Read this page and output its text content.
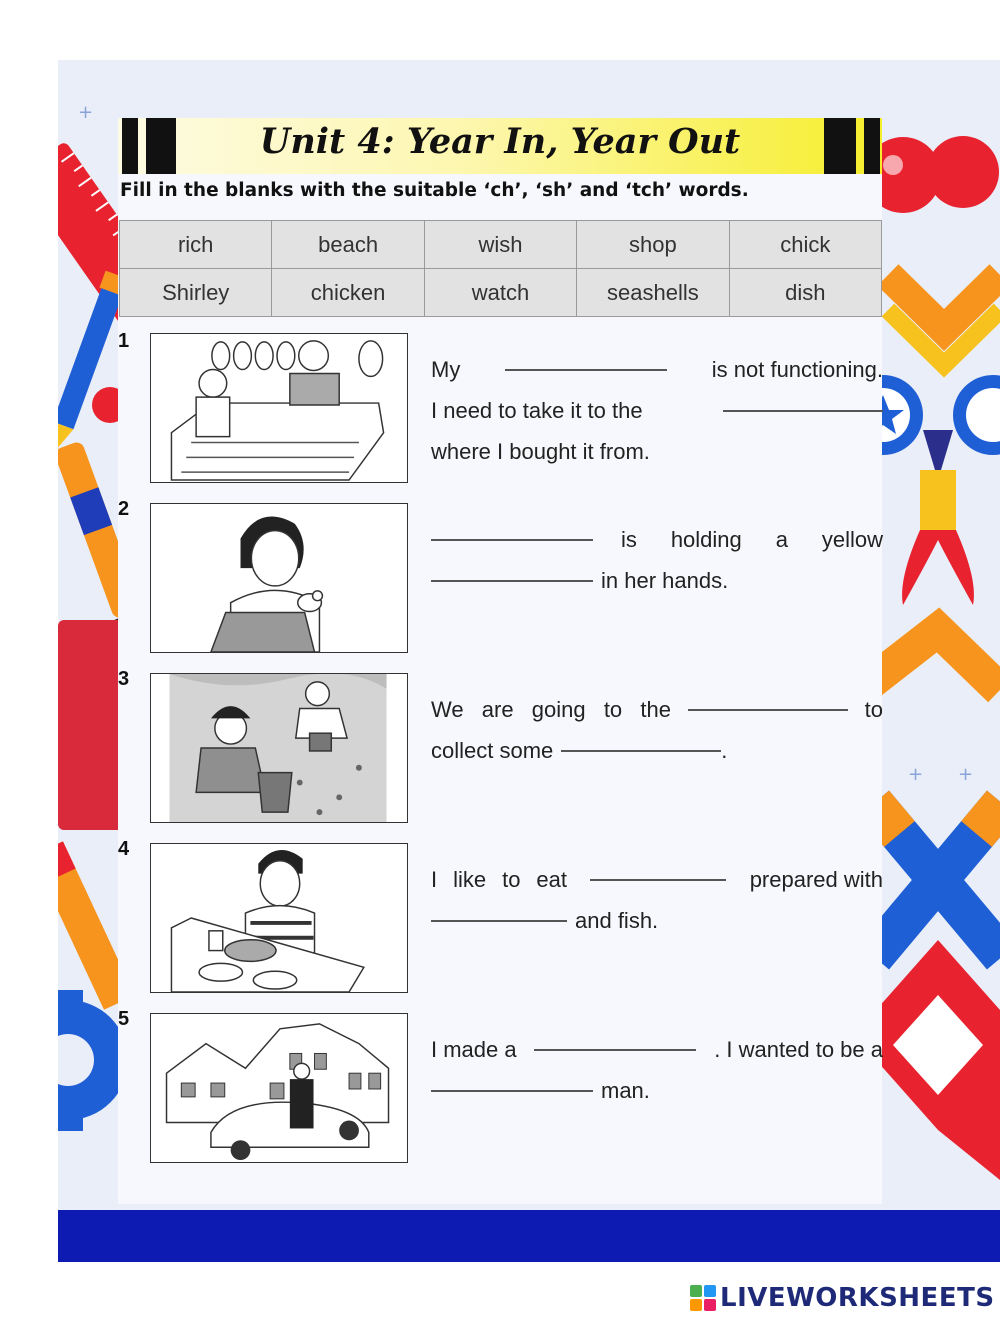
+
+ +
Unit 4: Year In, Year Out
Fill in the blanks with the suitable ‘ch’, ‘sh’ and ‘tch’ words.
rich	beach	wish	shop	chick
Shirley	chicken	watch	seashells	dish
1
My	is not functioning.
I need to take it to the
where I bought it from.
2
is holding a yellow
in her hands.
3
We are going to the	to
collect some	.
4
I like to eat	prepared with
and fish.
5
I made a	. I wanted to be a
man.
LIVEWORKSHEETS
